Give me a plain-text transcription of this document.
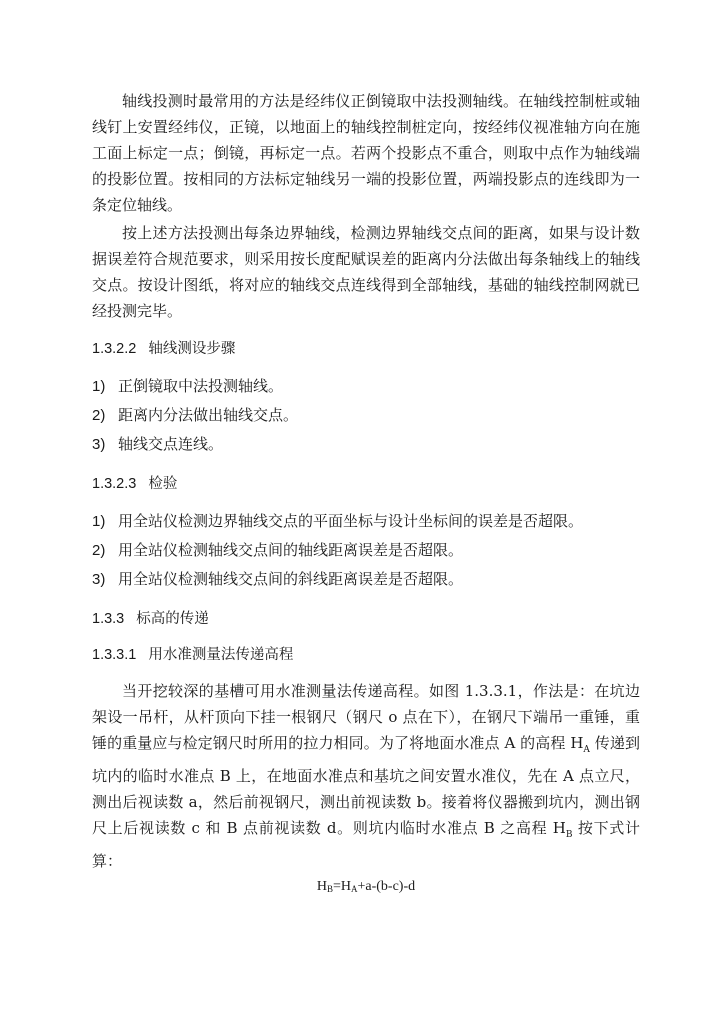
轴线投测时最常用的方法是经纬仪正倒镜取中法投测轴线。在轴线控制桩或轴线钉上安置经纬仪，正镜，以地面上的轴线控制桩定向，按经纬仪视准轴方向在施工面上标定一点；倒镜，再标定一点。若两个投影点不重合，则取中点作为轴线端的投影位置。按相同的方法标定轴线另一端的投影位置，两端投影点的连线即为一条定位轴线。

按上述方法投测出每条边界轴线，检测边界轴线交点间的距离，如果与设计数据误差符合规范要求，则采用按长度配赋误差的距离内分法做出每条轴线上的轴线交点。按设计图纸，将对应的轴线交点连线得到全部轴线，基础的轴线控制网就已经投测完毕。

1.3.2.2 轴线测设步骤
1) 正倒镜取中法投测轴线。
2) 距离内分法做出轴线交点。
3) 轴线交点连线。
1.3.2.3 检验
1) 用全站仪检测边界轴线交点的平面坐标与设计坐标间的误差是否超限。
2) 用全站仪检测轴线交点间的轴线距离误差是否超限。
3) 用全站仪检测轴线交点间的斜线距离误差是否超限。
1.3.3 标高的传递
1.3.3.1 用水准测量法传递高程

当开挖较深的基槽可用水准测量法传递高程。如图 1.3.3.1，作法是：在坑边架设一吊杆，从杆顶向下挂一根钢尺（钢尺 o 点在下），在钢尺下端吊一重锤，重锤的重量应与检定钢尺时所用的拉力相同。为了将地面水准点 A 的高程 $H_A$ 传递到坑内的临时水准点 B 上，在地面水准点和基坑之间安置水准仪，先在 A 点立尺，测出后视读数 a，然后前视钢尺，测出前视读数 b。接着将仪器搬到坑内，测出钢尺上后视读数 c 和 B 点前视读数 d。则坑内临时水准点 B 之高程 $H_B$ 按下式计算：

$H_B=H_A+a-(b-c)-d$
